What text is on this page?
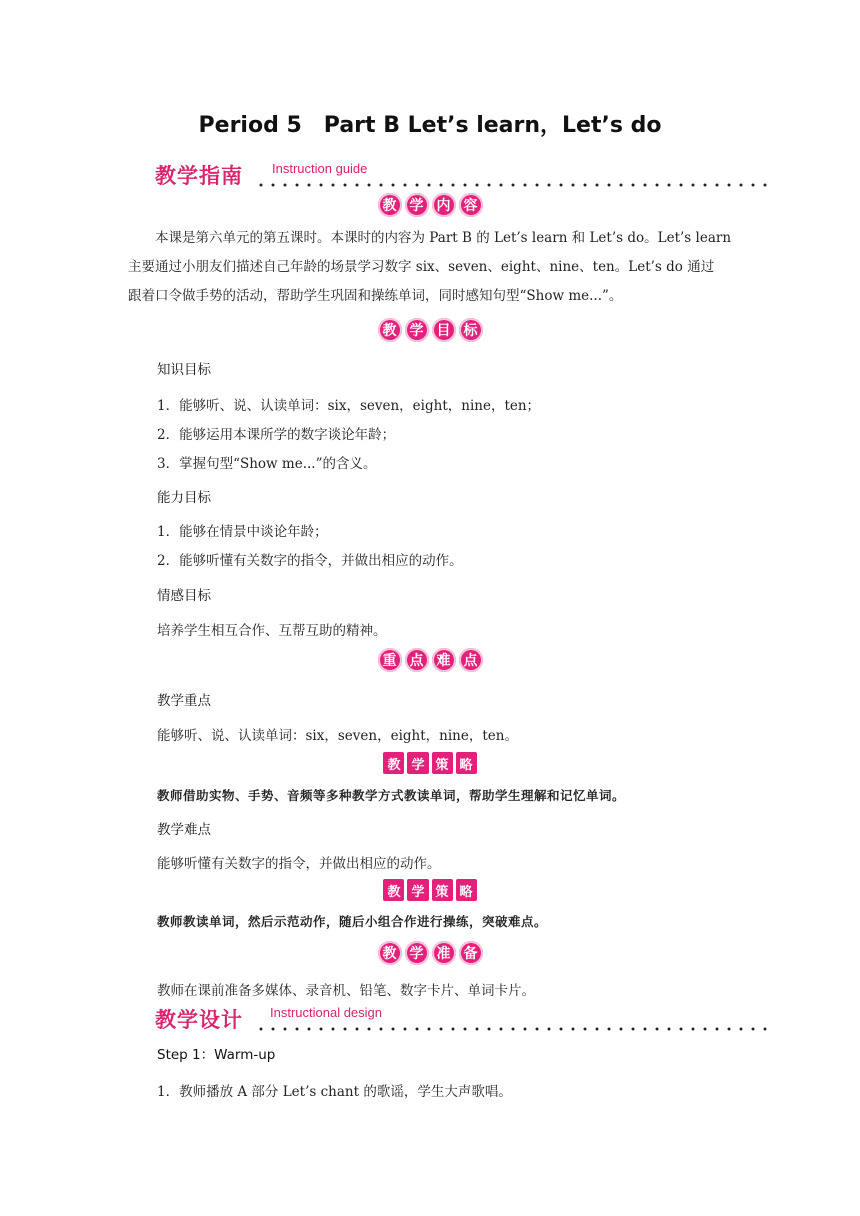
Period 5　Part B Let’s learn，Let’s do
教学指南 Instruction guide
教 学 内 容
本课是第六单元的第五课时。本课时的内容为 Part B 的 Let’s learn 和 Let’s do。Let’s learn
主要通过小朋友们描述自己年龄的场景学习数字 six、seven、eight、nine、ten。Let’s do 通过
跟着口令做手势的活动，帮助学生巩固和操练单词，同时感知句型“Show me...”。
教 学 目 标
知识目标
1．能够听、说、认读单词：six，seven，eight，nine，ten；
2．能够运用本课所学的数字谈论年龄；
3．掌握句型“Show me...”的含义。
能力目标
1．能够在情景中谈论年龄；
2．能够听懂有关数字的指令，并做出相应的动作。
情感目标
培养学生相互合作、互帮互助的精神。
重 点 难 点
教学重点
能够听、说、认读单词：six，seven，eight，nine，ten。
教 学 策 略
教师借助实物、手势、音频等多种教学方式教读单词，帮助学生理解和记忆单词。
教学难点
能够听懂有关数字的指令，并做出相应的动作。
教 学 策 略
教师教读单词，然后示范动作，随后小组合作进行操练，突破难点。
教 学 准 备
教师在课前准备多媒体、录音机、铅笔、数字卡片、单词卡片。
教学设计 Instructional design
Step 1：Warm-up
1．教师播放 A 部分 Let’s chant 的歌谣，学生大声歌唱。
